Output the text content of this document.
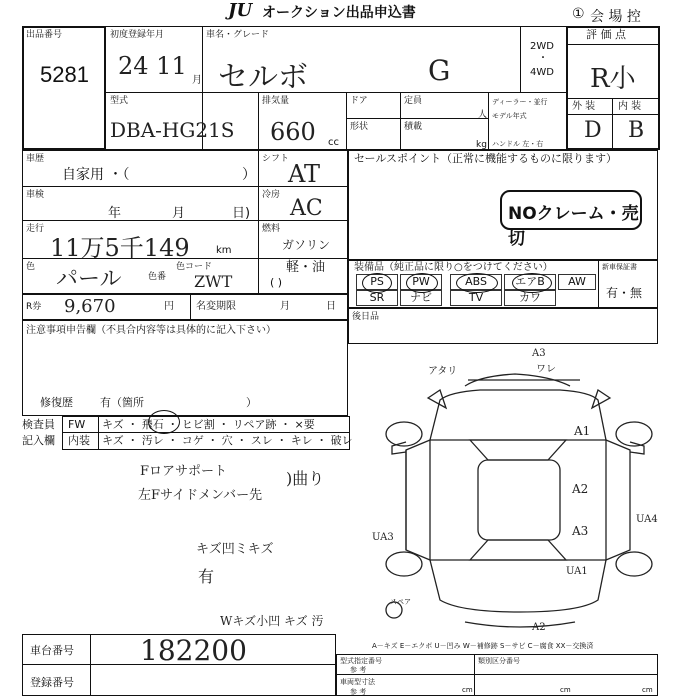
JU オークション出品申込書	① 会 場 控
出品番号
5281
初度登録年月
24 11
月
車名・グレード
セルボ	G
2WD
・
4WD
評 価 点
R小
外 装 内 装
D B
型式
DBA-HG21S
排気量
660 cc
ドア
形状
定員
人
積載
kg
ディーラー・並行
モデル年式
ハンドル 左・右
車歴
自家用 ・（	）
車検
年	月	日)
シフト
AT
冷房
AC
走行
11万5千149	km
燃料
ガソリン
軽・油
( )
色 パール	色番
色コード
ZWT
R券 9,670	円 名変期限	月	日
注意事項申告欄（不具合内容等は具体的に記入下さい）
修復歴 有（箇所	）
セールスポイント（正常に機能するものに限ります）
NOクレーム・売切
装備品（純正品に限り○をつけてください）	新車保証書
有・無
PS	PW	ABS	エアB	AW
SR	ナビ	TV	カワ
後日品
検査員
記入欄
FW キズ ・ 飛石 ・ ヒビ割 ・ リペア跡 ・ ×要
内装 キズ ・ 汚レ ・ コゲ ・ 穴 ・ スレ ・ キレ ・ 破レ
Fロアサポート
左Fサイドメンバー先
)曲り
キズ凹ミキズ
有
Wキズ小凹 キズ 汚
アタリ
A3
ワレ
A1
A2
A3
UA4
UA3
UA1
A2
スペア
A－キズ E－エクボ U－凹み W－補修跡 S－サビ C－腐食 XX－交換済
車台番号 182200
登録番号
型式指定番号
参 考
類別区分番号
車両型寸法
参 考	cm	cm	cm
